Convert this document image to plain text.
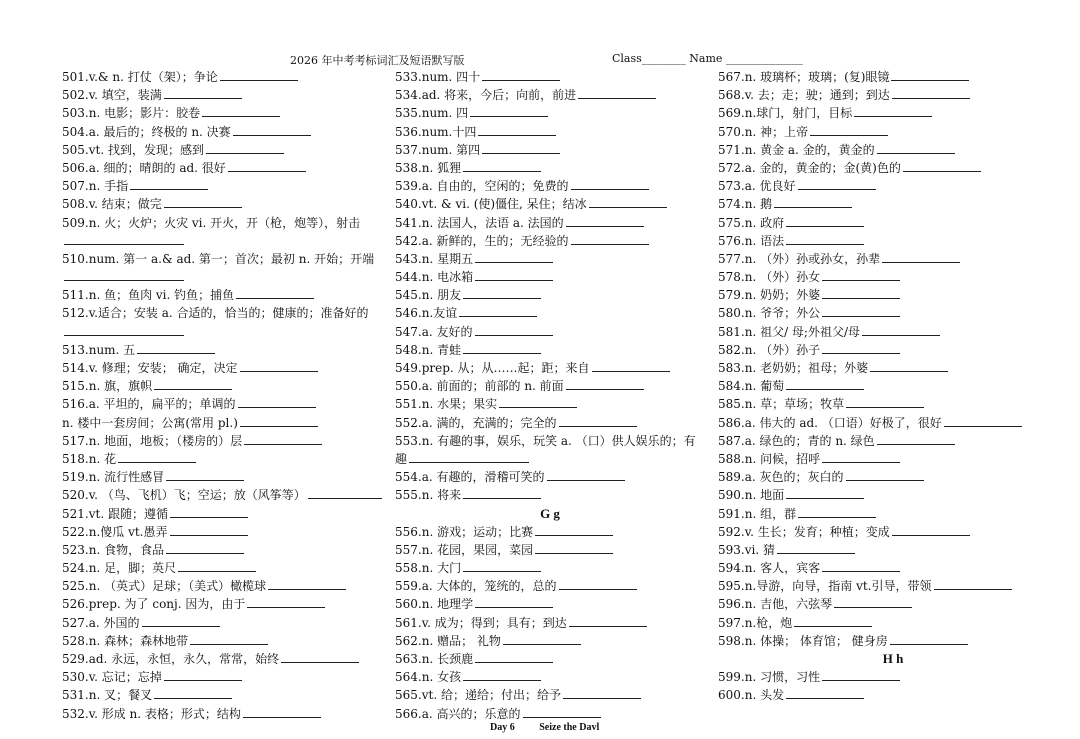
2026 年中考考标词汇及短语默写版	Class________ Name ______________
501.v.& n. 打仗（架）；争论
502.v. 填空，装满
503.n. 电影；影片：胶卷
504.a. 最后的；终极的 n. 决赛
505.vt. 找到，发现；感到
506.a. 细的；晴朗的 ad. 很好
507.n. 手指
508.v. 结束；做完
509.n. 火；火炉；火灾 vi. 开火，开（枪，炮等），射击
510.num. 第一 a.& ad. 第一；首次；最初 n. 开始；开端
511.n. 鱼；鱼肉 vi. 钓鱼；捕鱼
512.v.适合；安装 a. 合适的，恰当的；健康的；准备好的
513.num. 五
514.v. 修理；安装； 确定，决定
515.n. 旗，旗帜
516.a. 平坦的，扁平的；单调的
n. 楼中一套房间；公寓(常用 pl.)
517.n. 地面，地板；（楼房的）层
518.n. 花
519.n. 流行性感冒
520.v. （鸟、飞机）飞；空运；放（风筝等）
521.vt. 跟随；遵循
522.n.傻瓜 vt.愚弄
523.n. 食物，食品
524.n. 足，脚；英尺
525.n. （英式）足球；（美式）橄榄球
526.prep. 为了 conj. 因为，由于
527.a. 外国的
528.n. 森林；森林地带
529.ad. 永远，永恒，永久，常常，始终
530.v. 忘记；忘掉
531.n. 叉；餐叉
532.v. 形成 n. 表格；形式；结构
533.num. 四十
534.ad. 将来，今后；向前，前进
535.num. 四
536.num.十四
537.num. 第四
538.n. 狐狸
539.a. 自由的，空闲的；免费的
540.vt. & vi. (使)僵住, 呆住；结冰
541.n. 法国人，法语 a. 法国的
542.a. 新鲜的，生的；无经验的
543.n. 星期五
544.n. 电冰箱
545.n. 朋友
546.n.友谊
547.a. 友好的
548.n. 青蛙
549.prep. 从；从……起；距；来自
550.a. 前面的；前部的 n. 前面
551.n. 水果；果实
552.a. 满的，充满的；完全的
553.n. 有趣的事，娱乐，玩笑 a. （口）供人娱乐的；有趣
554.a. 有趣的，滑稽可笑的
555.n. 将来
G g
556.n. 游戏；运动；比赛
557.n. 花园，果园，菜园
558.n. 大门
559.a. 大体的，笼统的，总的
560.n. 地理学
561.v. 成为；得到；具有；到达
562.n. 赠品； 礼物
563.n. 长颈鹿
564.n. 女孩
565.vt. 给；递给；付出；给予
566.a. 高兴的；乐意的
567.n. 玻璃杯；玻璃；(复)眼镜
568.v. 去；走；驶；通到；到达
569.n.球门，射门，目标
570.n. 神；上帝
571.n. 黄金 a. 金的，黄金的
572.a. 金的，黄金的；金(黄)色的
573.a. 优良好
574.n. 鹅
575.n. 政府
576.n. 语法
577.n. （外）孙或孙女，孙辈
578.n. （外）孙女
579.n. 奶奶；外婆
580.n. 爷爷；外公
581.n. 祖父/ 母;外祖父/母
582.n. （外）孙子
583.n. 老奶奶；祖母；外婆
584.n. 葡萄
585.n. 草；草场；牧草
586.a. 伟大的 ad. （口语）好极了，很好
587.a. 绿色的；青的 n. 绿色
588.n. 问候，招呼
589.a. 灰色的；灰白的
590.n. 地面
591.n. 组，群
592.v. 生长；发育；种植；变成
593.vi. 猜
594.n. 客人，宾客
595.n.导游，向导，指南 vt.引导，带领
596.n. 吉他，六弦琴
597.n.枪，炮
598.n. 体操； 体育馆； 健身房
H h
599.n. 习惯，习性
600.n. 头发
Day 6 Seize the Davl
